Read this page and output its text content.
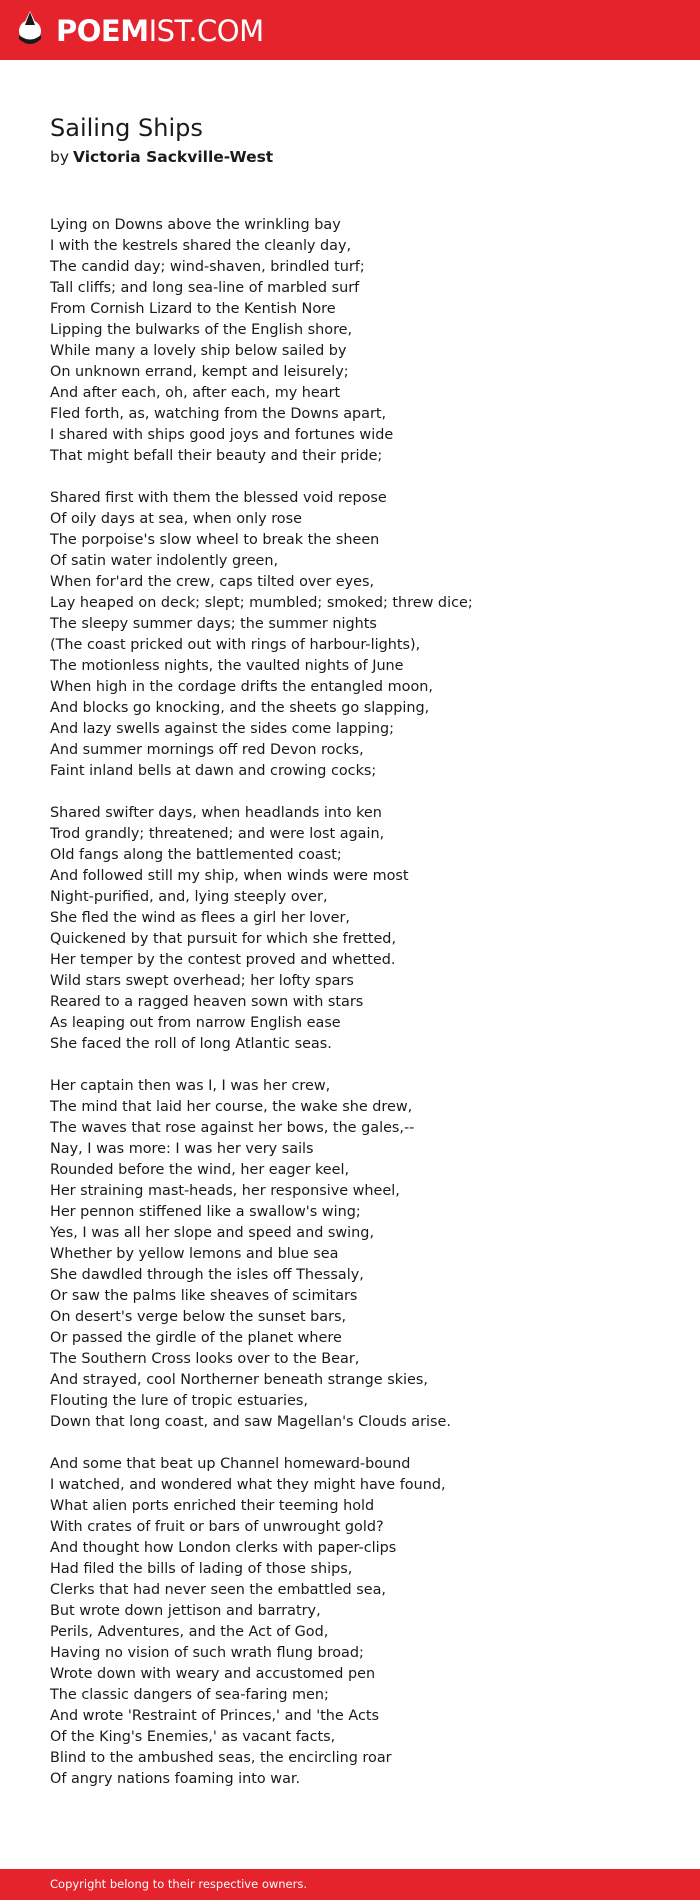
POEMIST.COM
Sailing Ships
by Victoria Sackville-West
Lying on Downs above the wrinkling bay
I with the kestrels shared the cleanly day,
The candid day; wind-shaven, brindled turf;
Tall cliffs; and long sea-line of marbled surf
From Cornish Lizard to the Kentish Nore
Lipping the bulwarks of the English shore,
While many a lovely ship below sailed by
On unknown errand, kempt and leisurely;
And after each, oh, after each, my heart
Fled forth, as, watching from the Downs apart,
I shared with ships good joys and fortunes wide
That might befall their beauty and their pride;
Shared first with them the blessed void repose
Of oily days at sea, when only rose
The porpoise's slow wheel to break the sheen
Of satin water indolently green,
When for'ard the crew, caps tilted over eyes,
Lay heaped on deck; slept; mumbled; smoked; threw dice;
The sleepy summer days; the summer nights
(The coast pricked out with rings of harbour-lights),
The motionless nights, the vaulted nights of June
When high in the cordage drifts the entangled moon,
And blocks go knocking, and the sheets go slapping,
And lazy swells against the sides come lapping;
And summer mornings off red Devon rocks,
Faint inland bells at dawn and crowing cocks;
Shared swifter days, when headlands into ken
Trod grandly; threatened; and were lost again,
Old fangs along the battlemented coast;
And followed still my ship, when winds were most
Night-purified, and, lying steeply over,
She fled the wind as flees a girl her lover,
Quickened by that pursuit for which she fretted,
Her temper by the contest proved and whetted.
Wild stars swept overhead; her lofty spars
Reared to a ragged heaven sown with stars
As leaping out from narrow English ease
She faced the roll of long Atlantic seas.
Her captain then was I, I was her crew,
The mind that laid her course, the wake she drew,
The waves that rose against her bows, the gales,--
Nay, I was more: I was her very sails
Rounded before the wind, her eager keel,
Her straining mast-heads, her responsive wheel,
Her pennon stiffened like a swallow's wing;
Yes, I was all her slope and speed and swing,
Whether by yellow lemons and blue sea
She dawdled through the isles off Thessaly,
Or saw the palms like sheaves of scimitars
On desert's verge below the sunset bars,
Or passed the girdle of the planet where
The Southern Cross looks over to the Bear,
And strayed, cool Northerner beneath strange skies,
Flouting the lure of tropic estuaries,
Down that long coast, and saw Magellan's Clouds arise.
And some that beat up Channel homeward-bound
I watched, and wondered what they might have found,
What alien ports enriched their teeming hold
With crates of fruit or bars of unwrought gold?
And thought how London clerks with paper-clips
Had filed the bills of lading of those ships,
Clerks that had never seen the embattled sea,
But wrote down jettison and barratry,
Perils, Adventures, and the Act of God,
Having no vision of such wrath flung broad;
Wrote down with weary and accustomed pen
The classic dangers of sea-faring men;
And wrote 'Restraint of Princes,' and 'the Acts
Of the King's Enemies,' as vacant facts,
Blind to the ambushed seas, the encircling roar
Of angry nations foaming into war.
Copyright belong to their respective owners.
